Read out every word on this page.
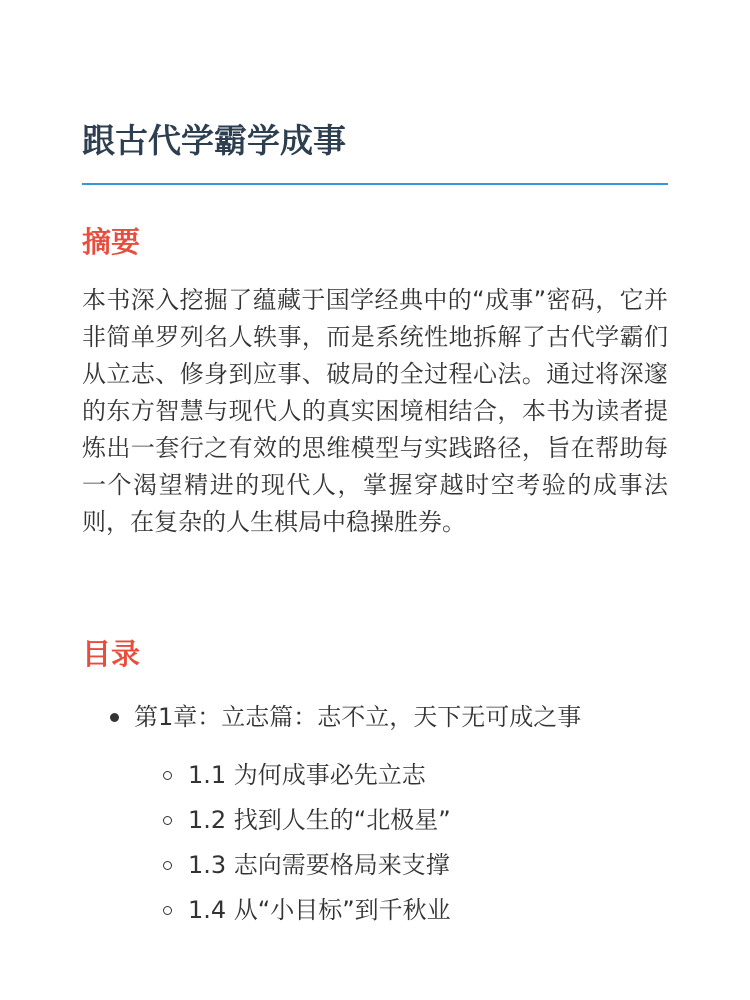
跟古代学霸学成事
摘要

本书深入挖掘了蕴藏于国学经典中的“成事”密码，它并非简单罗列名人轶事，而是系统性地拆解了古代学霸们从立志、修身到应事、破局的全过程心法。通过将深邃的东方智慧与现代人的真实困境相结合，本书为读者提炼出一套行之有效的思维模型与实践路径，旨在帮助每一个渴望精进的现代人，掌握穿越时空考验的成事法则，在复杂的人生棋局中稳操胜券。

目录
第1章：立志篇：志不立，天下无可成之事
1.1 为何成事必先立志
1.2 找到人生的“北极星”
1.3 志向需要格局来支撑
1.4 从“小目标”到千秋业
